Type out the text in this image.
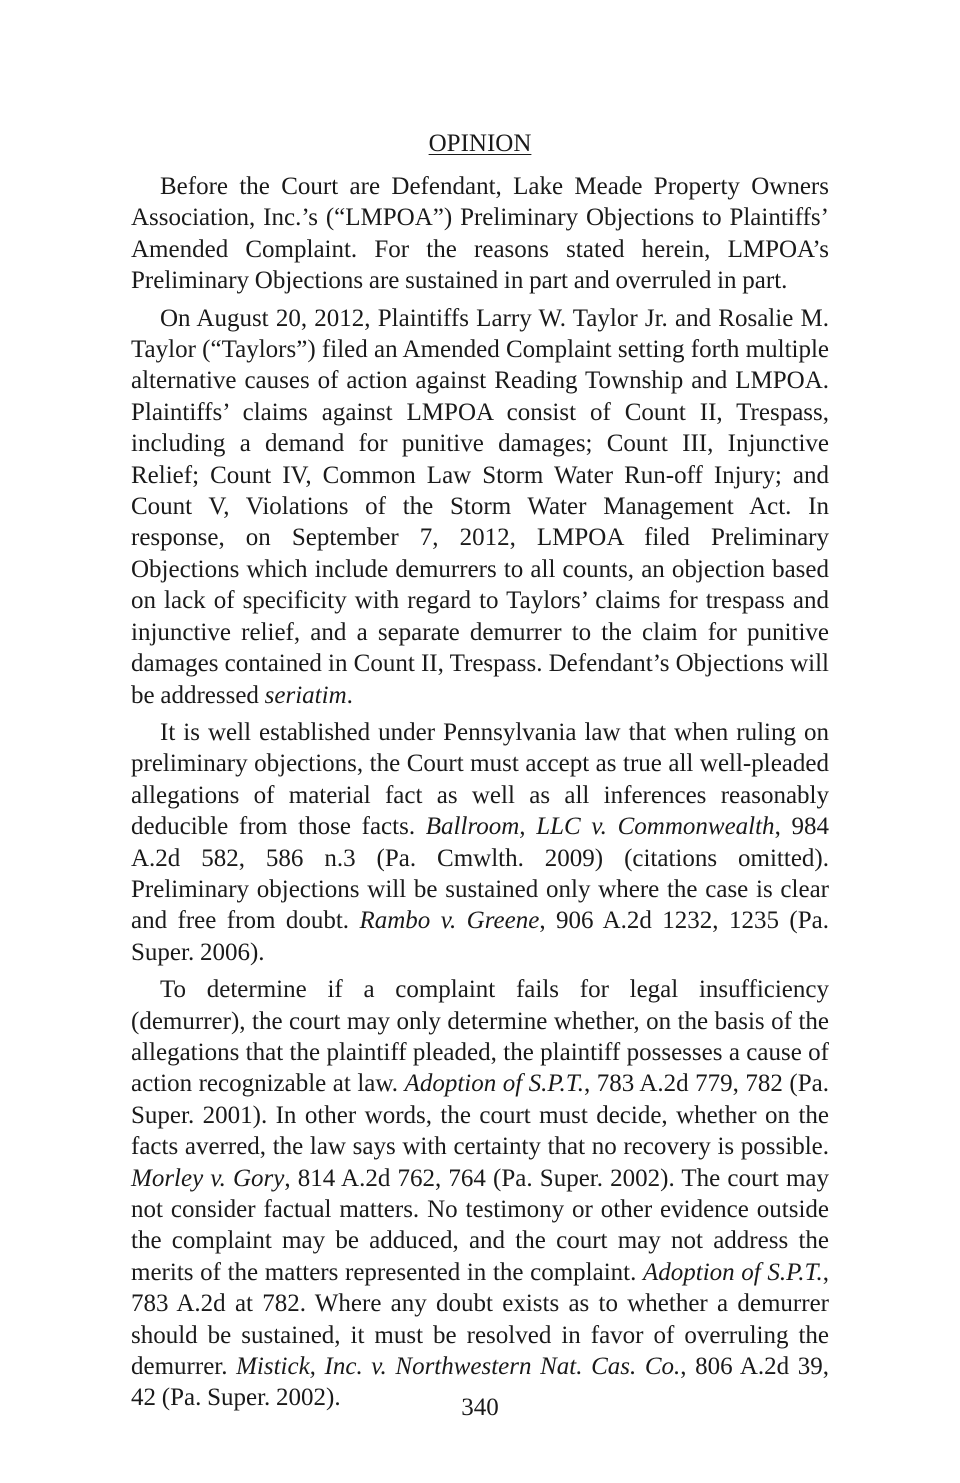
OPINION

Before the Court are Defendant, Lake Meade Property Owners Association, Inc.’s (“LMPOA”) Preliminary Objections to Plaintiffs’ Amended Complaint. For the reasons stated herein, LMPOA’s Preliminary Objections are sustained in part and overruled in part.

On August 20, 2012, Plaintiffs Larry W. Taylor Jr. and Rosalie M. Taylor (“Taylors”) filed an Amended Complaint setting forth multiple alternative causes of action against Reading Township and LMPOA. Plaintiffs’ claims against LMPOA consist of Count II, Trespass, including a demand for punitive damages; Count III, Injunctive Relief; Count IV, Common Law Storm Water Run-off Injury; and Count V, Violations of the Storm Water Management Act. In response, on September 7, 2012, LMPOA filed Preliminary Objections which include demurrers to all counts, an objection based on lack of specificity with regard to Taylors’ claims for trespass and injunctive relief, and a separate demurrer to the claim for punitive damages contained in Count II, Trespass. Defendant’s Objections will be addressed seriatim.

It is well established under Pennsylvania law that when ruling on preliminary objections, the Court must accept as true all well-pleaded allegations of material fact as well as all inferences reasonably deducible from those facts. Ballroom, LLC v. Commonwealth, 984 A.2d 582, 586 n.3 (Pa. Cmwlth. 2009) (citations omitted). Preliminary objections will be sustained only where the case is clear and free from doubt. Rambo v. Greene, 906 A.2d 1232, 1235 (Pa. Super. 2006).

To determine if a complaint fails for legal insufficiency (demurrer), the court may only determine whether, on the basis of the allegations that the plaintiff pleaded, the plaintiff possesses a cause of action recognizable at law. Adoption of S.P.T., 783 A.2d 779, 782 (Pa. Super. 2001). In other words, the court must decide, whether on the facts averred, the law says with certainty that no recovery is possible. Morley v. Gory, 814 A.2d 762, 764 (Pa. Super. 2002). The court may not consider factual matters. No testimony or other evidence outside the complaint may be adduced, and the court may not address the merits of the matters represented in the complaint. Adoption of S.P.T., 783 A.2d at 782. Where any doubt exists as to whether a demurrer should be sustained, it must be resolved in favor of overruling the demurrer. Mistick, Inc. v. Northwestern Nat. Cas. Co., 806 A.2d 39, 42 (Pa. Super. 2002).	340
